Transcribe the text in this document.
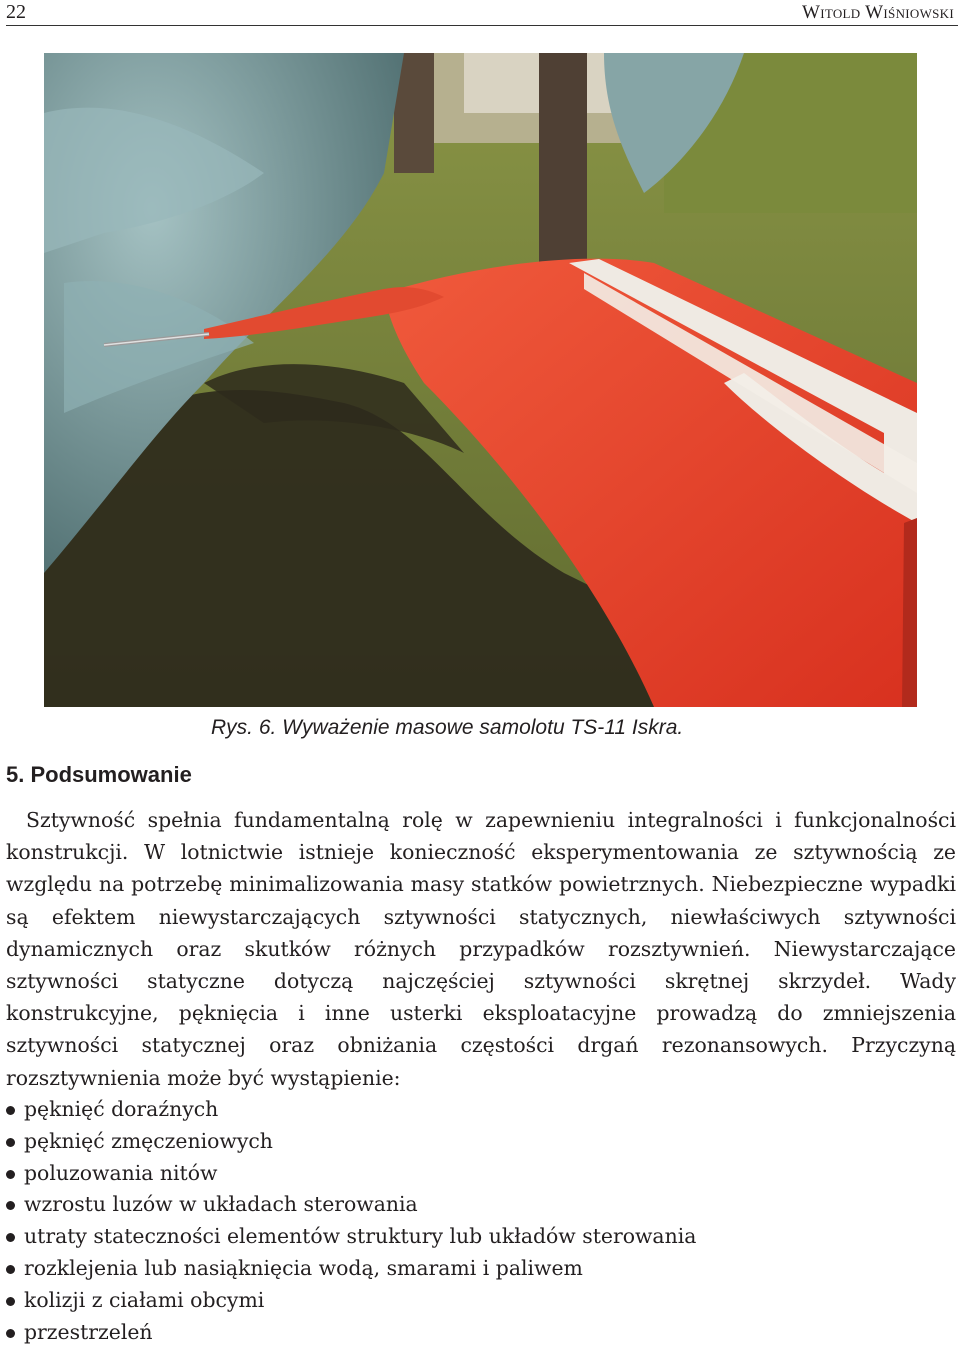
22	Witold Wiśniowski
Rys. 6. Wyważenie masowe samolotu TS-11 Iskra.
5. Podsumowanie

Sztywność spełnia fundamentalną rolę w zapewnieniu integralności i funkcjonalności konstrukcji. W lotnictwie istnieje konieczność eksperymentowania ze sztywnością ze względu na potrzebę minimalizowania masy statków powietrznych. Niebezpieczne wypadki są efektem niewystarczających sztywności statycznych, niewłaściwych sztywności dynamicznych oraz skutków różnych przypadków rozsztywnień. Niewystarczające sztywności statyczne dotyczą najczęściej sztywności skrętnej skrzydeł. Wady konstrukcyjne, pęknięcia i inne usterki eksploatacyjne prowadzą do zmniejszenia sztywności statycznej oraz obniżania częstości drgań rezonansowych. Przyczyną rozsztywnienia może być wystąpienie:

pęknięć doraźnych
pęknięć zmęczeniowych
poluzowania nitów
wzrostu luzów w układach sterowania
utraty stateczności elementów struktury lub układów sterowania
rozklejenia lub nasiąknięcia wodą, smarami i paliwem
kolizji z ciałami obcymi
przestrzeleń
